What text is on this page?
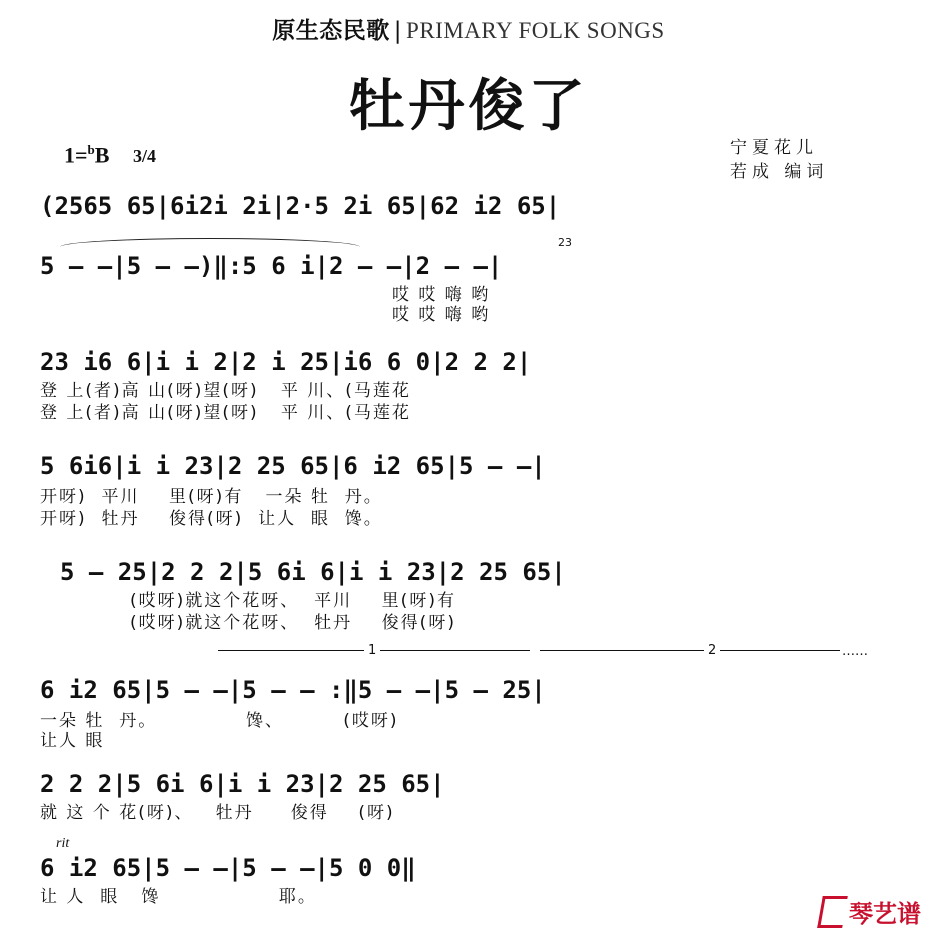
原生态民歌 | PRIMARY FOLK SONGS
牡丹俊了
1=$^b$B 3/4	宁夏花儿
若成 编词
(2565 65|6i2i 2i|2·5 2i 65|62 i2 65|
5 — —|5 — —)‖:5 6 i|2 — —|2 — —|
23
哎 哎 嗨 哟
哎 哎 嗨 哟
23 i6 6|i i 2|2 i 25|i6 6 0|2 2 2|
登 上(者)高 山(呀)望(呀)   平 川、(马莲花
登 上(者)高 山(呀)望(呀)   平 川、(马莲花
5 6i6|i i 23|2 25 65|6 i2 65|5 — —|
开呀)  平川    里(呀)有   一朵 牡  丹。
开呀)  牡丹    俊得(呀)  让人  眼  馋。
5 — 25|2 2 2|5 6i 6|i i 23|2 25 65|
(哎呀)就这个花呀、  平川    里(呀)有
(哎呀)就这个花呀、  牡丹    俊得(呀)
1	2	……
6 i2 65|5 — —|5 — — :‖5 — —|5 — 25|
一朵 牡  丹。            馋、        (哎呀)
让人 眼
2 2 2|5 6i 6|i i 23|2 25 65|
就 这 个 花(呀)、   牡丹     俊得    (呀)
rit
6 i2 65|5 — —|5 — —|5 0 0‖
让 人  眼   馋                耶。
琴艺谱
